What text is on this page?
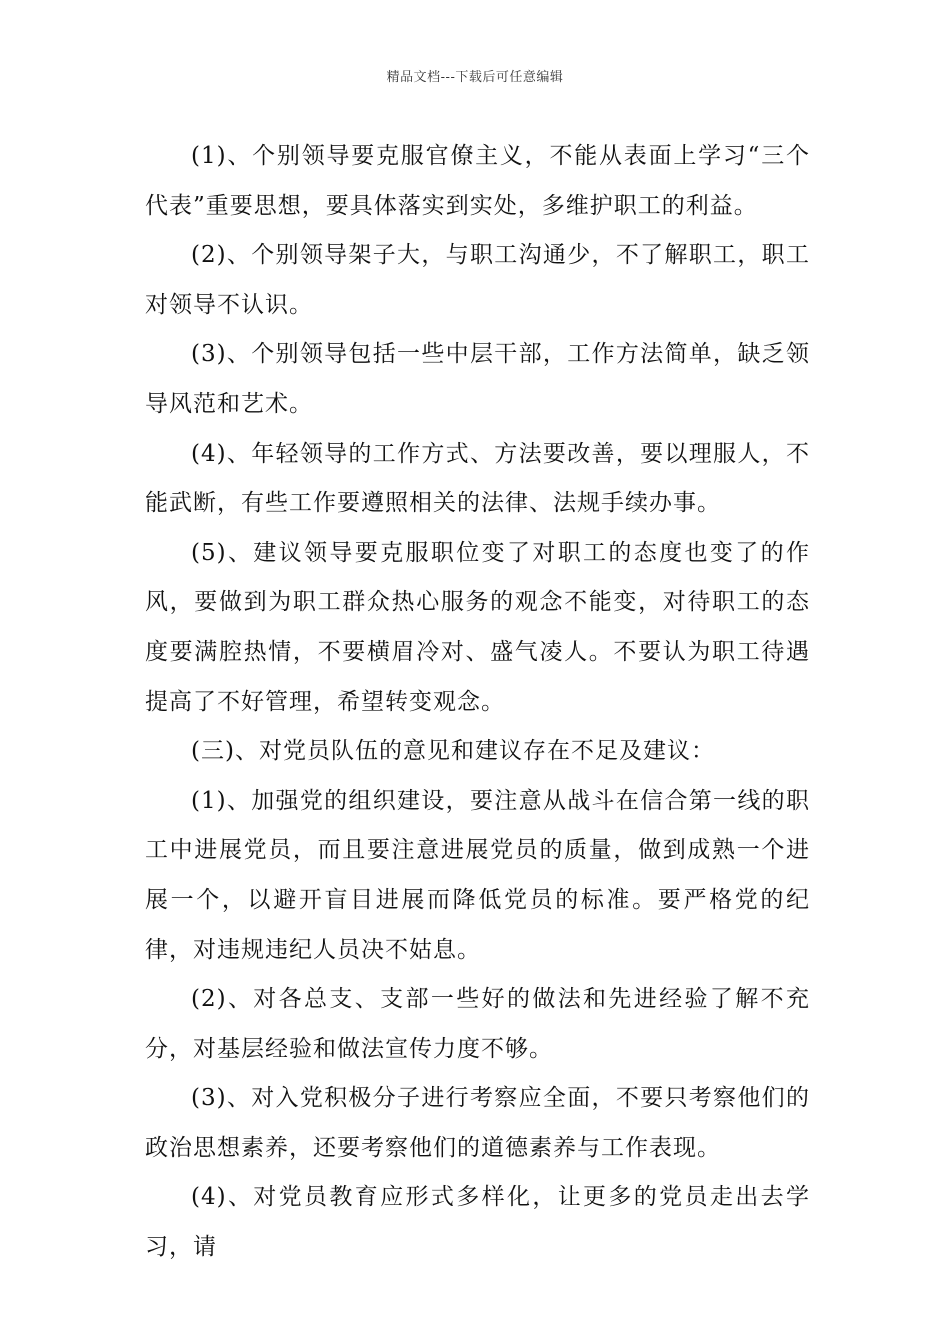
精品文档---下载后可任意编辑

(1)、个别领导要克服官僚主义，不能从表面上学习“三个代表”重要思想，要具体落实到实处，多维护职工的利益。

(2)、个别领导架子大，与职工沟通少，不了解职工，职工对领导不认识。

(3)、个别领导包括一些中层干部，工作方法简单，缺乏领导风范和艺术。

(4)、年轻领导的工作方式、方法要改善，要以理服人，不能武断，有些工作要遵照相关的法律、法规手续办事。

(5)、建议领导要克服职位变了对职工的态度也变了的作风，要做到为职工群众热心服务的观念不能变，对待职工的态度要满腔热情，不要横眉冷对、盛气凌人。不要认为职工待遇提高了不好管理，希望转变观念。

(三)、对党员队伍的意见和建议存在不足及建议：

(1)、加强党的组织建设，要注意从战斗在信合第一线的职工中进展党员，而且要注意进展党员的质量，做到成熟一个进展一个，以避开盲目进展而降低党员的标准。要严格党的纪律，对违规违纪人员决不姑息。

(2)、对各总支、支部一些好的做法和先进经验了解不充分，对基层经验和做法宣传力度不够。

(3)、对入党积极分子进行考察应全面，不要只考察他们的政治思想素养，还要考察他们的道德素养与工作表现。

(4)、对党员教育应形式多样化，让更多的党员走出去学习，请
